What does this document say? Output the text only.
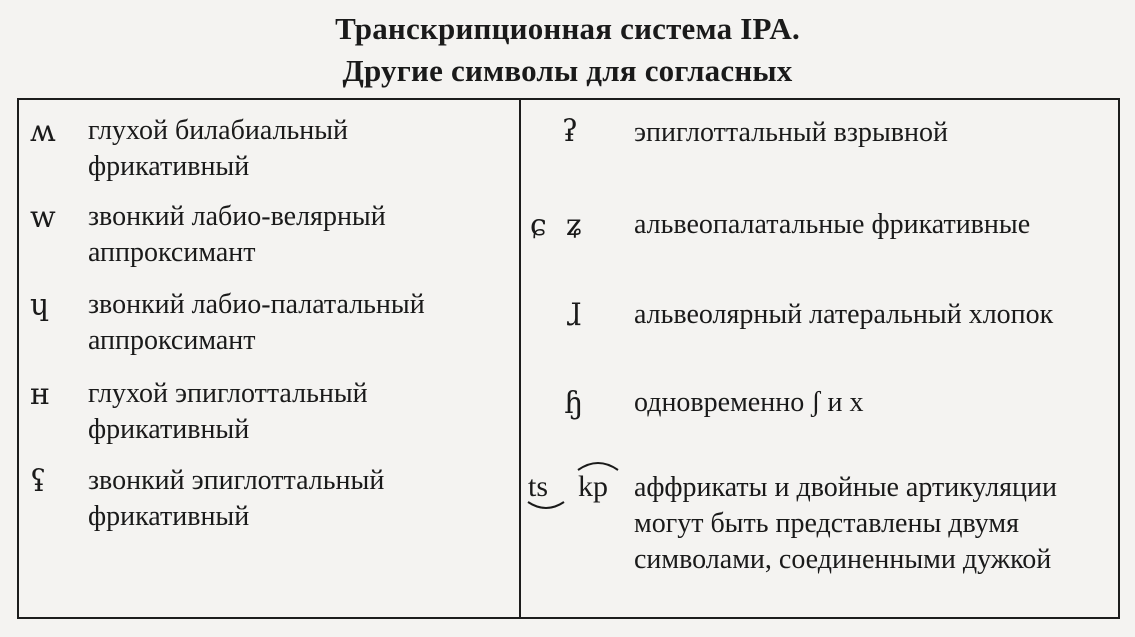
Транскрипционная система IPA.
Другие символы для согласных
ʍ глухой билабиальный фрикативный
w звонкий лабио-велярный аппроксимант
ɥ звонкий лабио-палатальный аппроксимант
ʜ глухой эпиглоттальный фрикативный
ʢ звонкий эпиглоттальный фрикативный
ʡ эпиглоттальный взрывной
ɕ  ʑ альвеопалатальные фрикативные
ɺ альвеолярный латеральный хлопок
ɧ одновременно ʃ и x
ts kp аффрикаты и двойные артикуляции могут быть представлены двумя символами, соединенными дужкой
